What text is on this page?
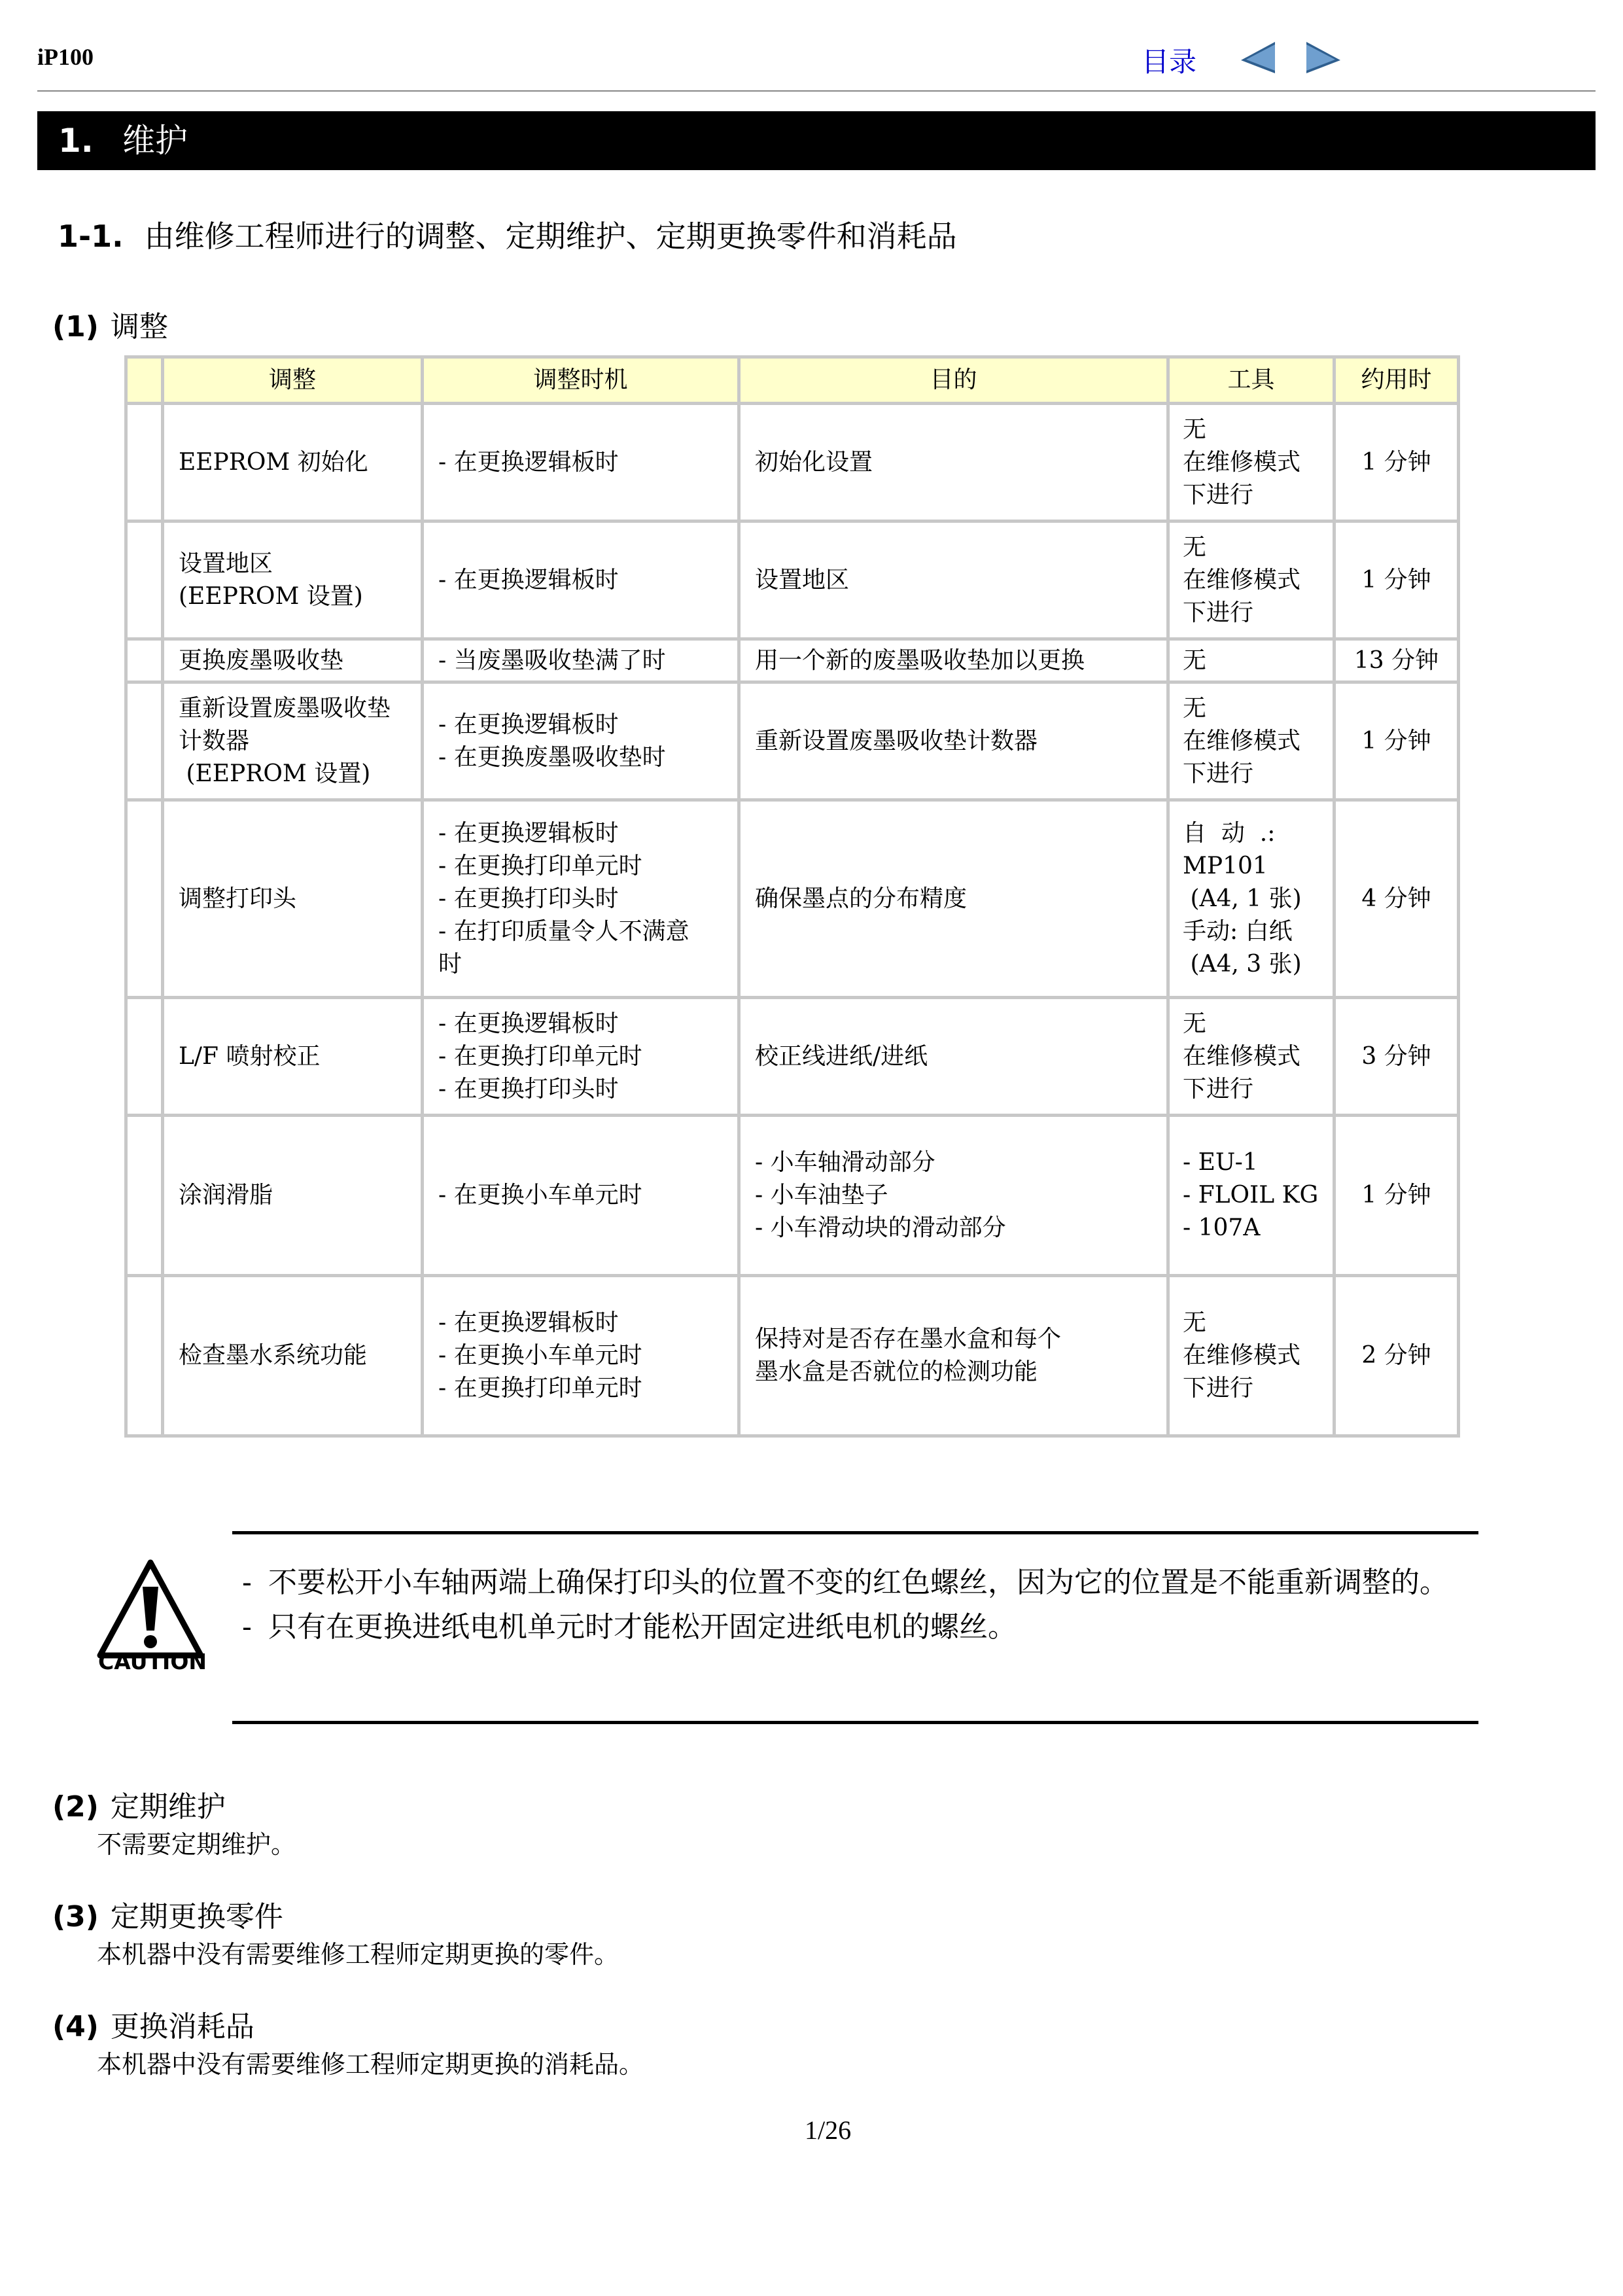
iP100	目录
1. 维护
1-1. 由维修工程师进行的调整、定期维护、定期更换零件和消耗品
(1) 调整
	调整	调整时机	目的	工具	约用时

	EEPROM 初始化	- 在更换逻辑板时	初始化设置	无
在维修模式
下进行	1 分钟

	设置地区
(EEPROM 设置)	- 在更换逻辑板时	设置地区	无
在维修模式
下进行	1 分钟

	更换废墨吸收垫	- 当废墨吸收垫满了时	用一个新的废墨吸收垫加以更换	无	13 分钟

	重新设置废墨吸收垫
计数器
(EEPROM 设置)	- 在更换逻辑板时
- 在更换废墨吸收垫时	重新设置废墨吸收垫计数器	无
在维修模式
下进行	1 分钟

	调整打印头	- 在更换逻辑板时
- 在更换打印单元时
- 在更换打印头时
- 在打印质量令人不满意
时	确保墨点的分布精度	自  动  .:
MP101
(A4, 1 张)
手动: 白纸
(A4, 3 张)	4 分钟

	L/F 喷射校正	- 在更换逻辑板时
- 在更换打印单元时
- 在更换打印头时	校正线进纸/进纸	无
在维修模式
下进行	3 分钟

	涂润滑脂	- 在更换小车单元时	- 小车轴滑动部分
- 小车油垫子
- 小车滑动块的滑动部分	- EU-1
- FLOIL KG
- 107A	1 分钟

	检查墨水系统功能	- 在更换逻辑板时
- 在更换小车单元时
- 在更换打印单元时	保持对是否存在墨水盒和每个
墨水盒是否就位的检测功能	无
在维修模式
下进行	2 分钟
CAUTION
- 不要松开小车轴两端上确保打印头的位置不变的红色螺丝，因为它的位置是不能重新调整的。
- 只有在更换进纸电机单元时才能松开固定进纸电机的螺丝。
(2) 定期维护
不需要定期维护。
(3) 定期更换零件
本机器中没有需要维修工程师定期更换的零件。
(4) 更换消耗品
本机器中没有需要维修工程师定期更换的消耗品。
1/26
